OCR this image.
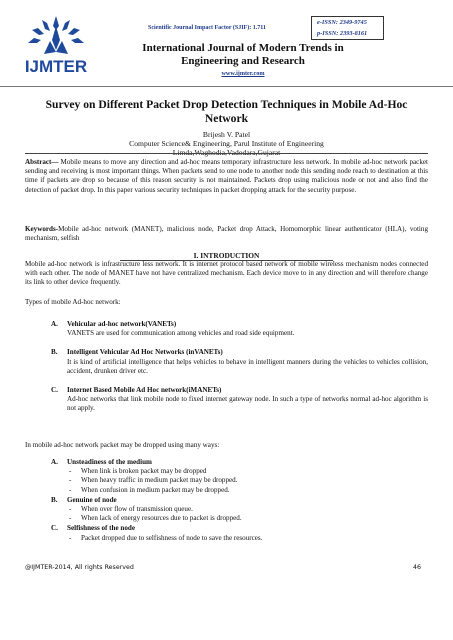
IJMTER
Scientific Journal Impact Factor (SJIF): 1.711
e-ISSN: 2349-9745
p-ISSN: 2393-8161
International Journal of Modern Trends in Engineering and Research
www.ijmter.com
Survey on Different Packet Drop Detection Techniques in Mobile Ad-Hoc Network
Brijesh V. Patel
Computer Science& Engineering, Parul Institute of Engineering
Limda,Waghodia,Vadodara,Gujarat
Abstract— Mobile means to move any direction and ad-hoc means temporary infrastructure less network. In mobile ad-hoc network packet sending and receiving is most important things. When packets send to one node to another node this sending node reach to destination at this time if packets are drop so because of this reason security is not maintained. Packets drop using malicious node or not and also find the detection of packet drop. In this paper various security techniques in packet dropping attack for the security purpose.
Keywords-Mobile ad-hoc network (MANET), malicious node, Packet drop Attack, Homomorphic linear authenticator (HLA), voting mechanism, selfish
I. INTRODUCTION
Mobile ad-hoc network is infrastructure less network. It is internet protocol based network of mobile wireless mechanism nodes connected with each other. The node of MANET have not have centralized mechanism. Each device move to in any direction and will therefore change its link to other device frequently.
Types of mobile Ad-hoc network:
A. Vehicular ad-hoc network(VANETs)
VANETS are used for communication among vehicles and road side equipment.
B. Intelligent Vehicular Ad Hoc Networks (inVANETs)
It is kind of artificial intelligence that helps vehicles to behave in intelligent manners during the vehicles to vehicles collision, accident, drunken driver etc.
C. Internet Based Mobile Ad Hoc network(iMANETs)
Ad-hoc networks that link mobile node to fixed internet gateway node. In such a type of networks normal ad-hoc algorithm is not apply.
In mobile ad-hoc network packet may be dropped using many ways:
A. Unsteadiness of the medium
- When link is broken packet may be dropped
- When heavy traffic in medium packet may be dropped.
- When confusion in medium packet may be dropped.
B. Genuine of node
- When over flow of transmission queue.
- When lack of energy resources due to packet is dropped.
C. Selfishness of the node
- Packet dropped due to selfishness of node to save the resources.
@IJMTER-2014, All rights Reserved	46
